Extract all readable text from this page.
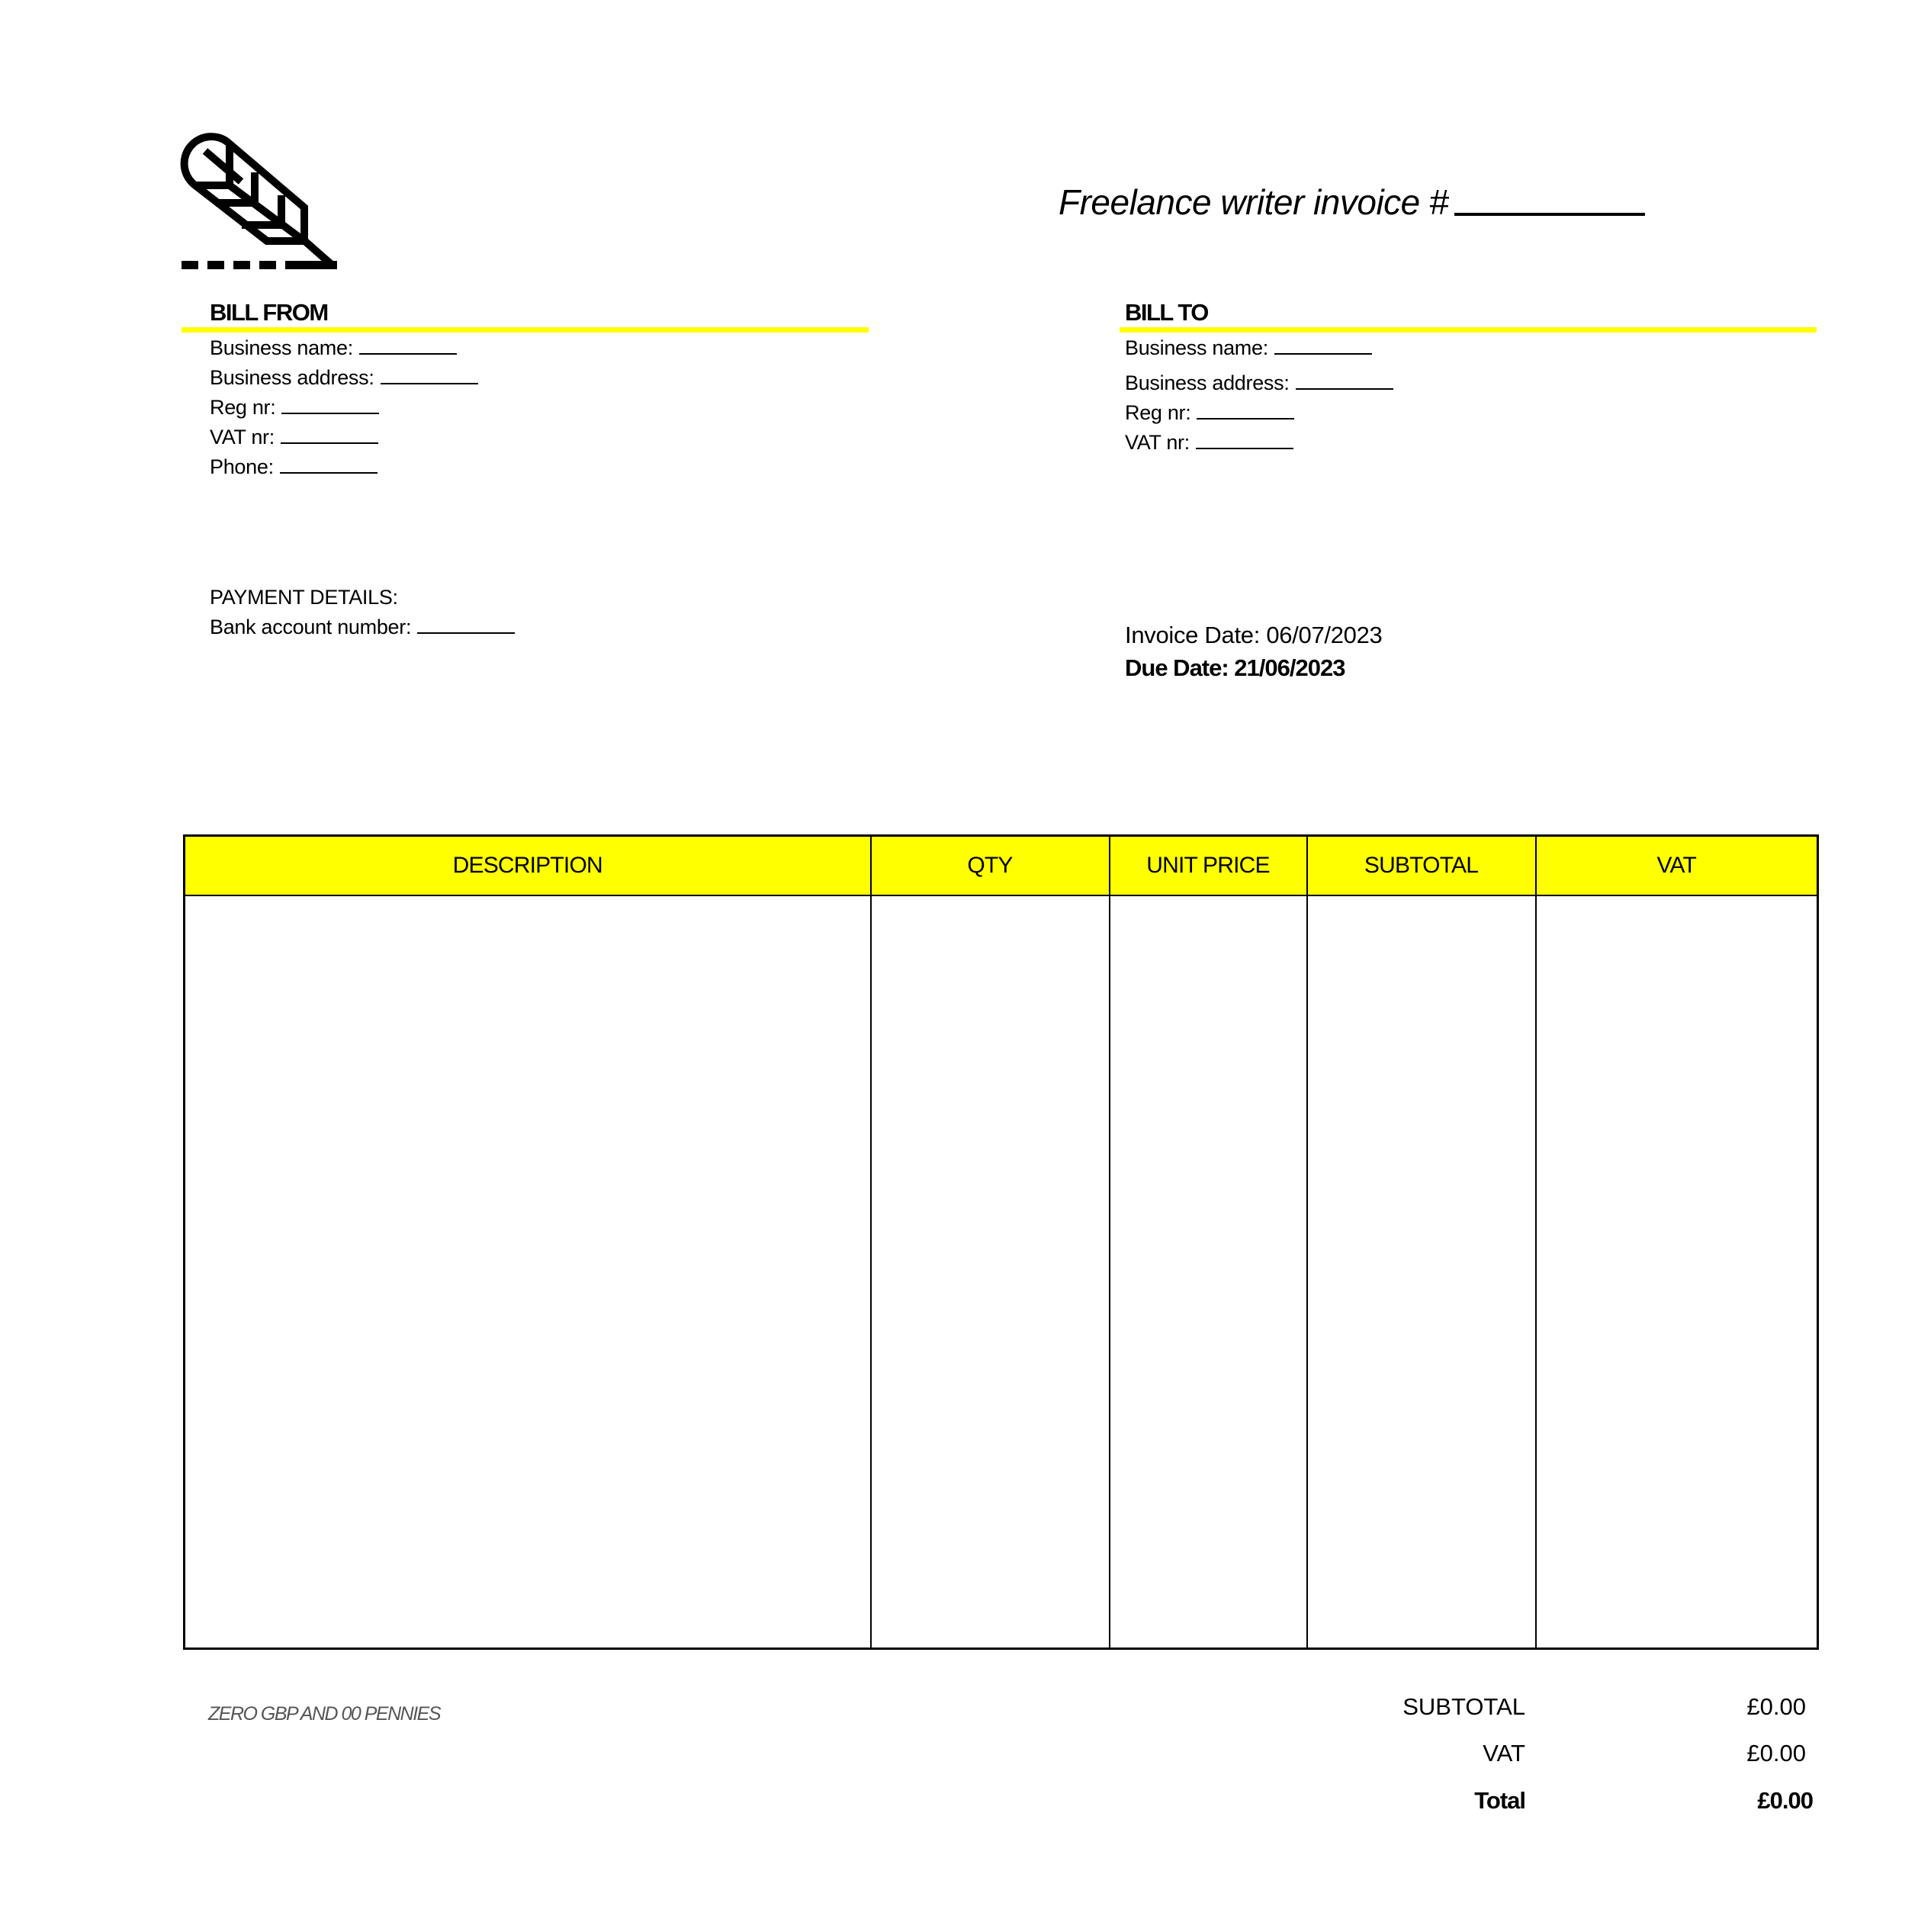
Freelance writer invoice #
BILL FROM
Business name:
Business address:
Reg nr:
VAT nr:
Phone:
BILL TO
Business name:
Business address:
Reg nr:
VAT nr:
PAYMENT DETAILS:
Bank account number:	Invoice Date: 06/07/2023
Due Date: 21/06/2023
DESCRIPTION	QTY	UNIT PRICE	SUBTOTAL	VAT

ZERO GBP AND 00 PENNIES	SUBTOTAL	£0.00
VAT	£0.00
Total	£0.00
